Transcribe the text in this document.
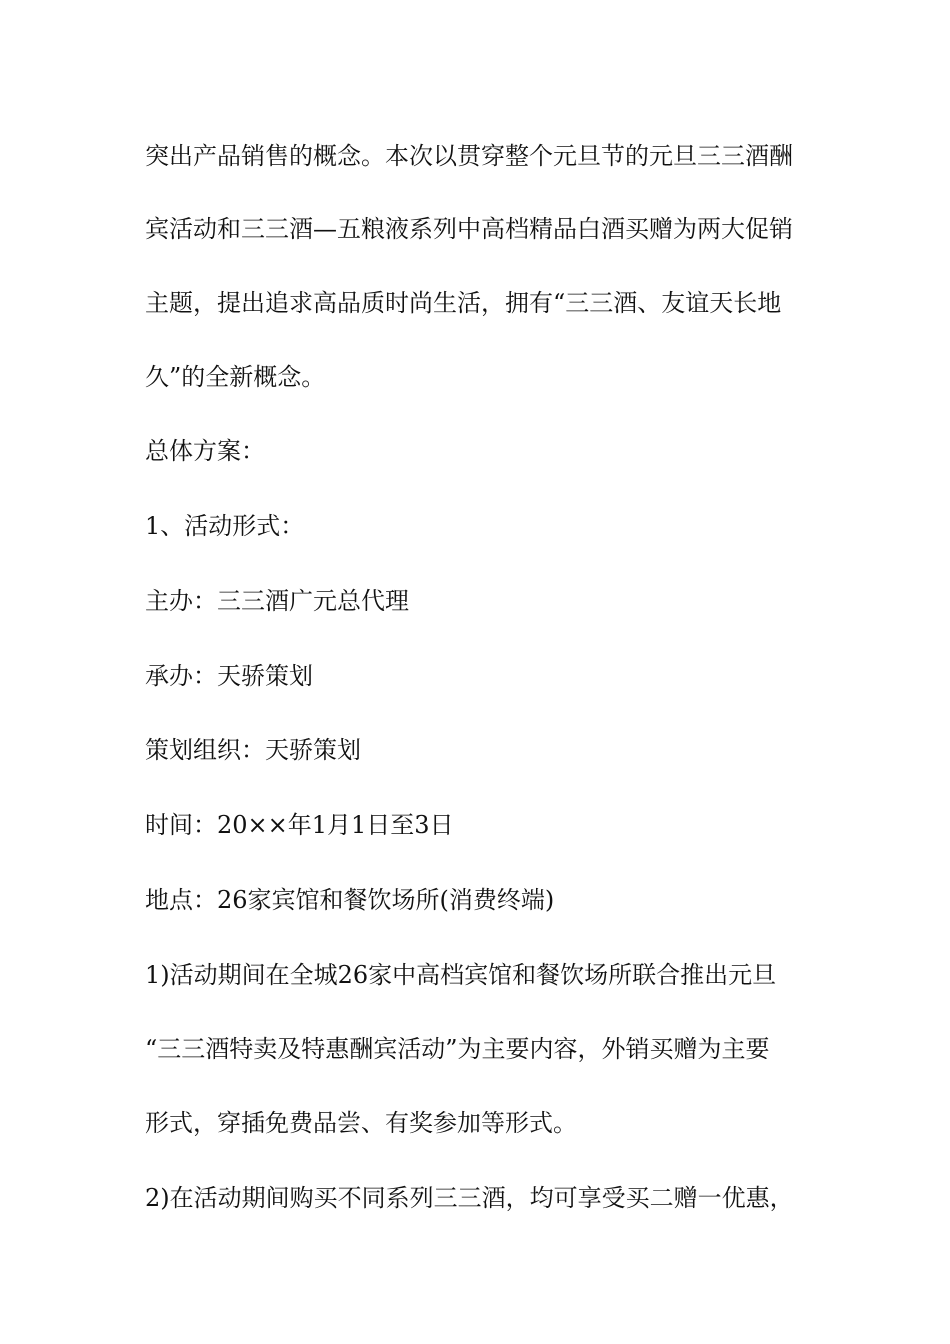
突出产品销售的概念。本次以贯穿整个元旦节的元旦三三酒酬
宾活动和三三酒—五粮液系列中高档精品白酒买赠为两大促销
主题，提出追求高品质时尚生活，拥有“三三酒、友谊天长地
久”的全新概念。
总体方案：
1、活动形式：
主办：三三酒广元总代理
承办：天骄策划
策划组织：天骄策划
时间：20××年1月1日至3日
地点：26家宾馆和餐饮场所(消费终端)
1)活动期间在全城26家中高档宾馆和餐饮场所联合推出元旦
“三三酒特卖及特惠酬宾活动”为主要内容，外销买赠为主要
形式，穿插免费品尝、有奖参加等形式。
2)在活动期间购买不同系列三三酒，均可享受买二赠一优惠，
